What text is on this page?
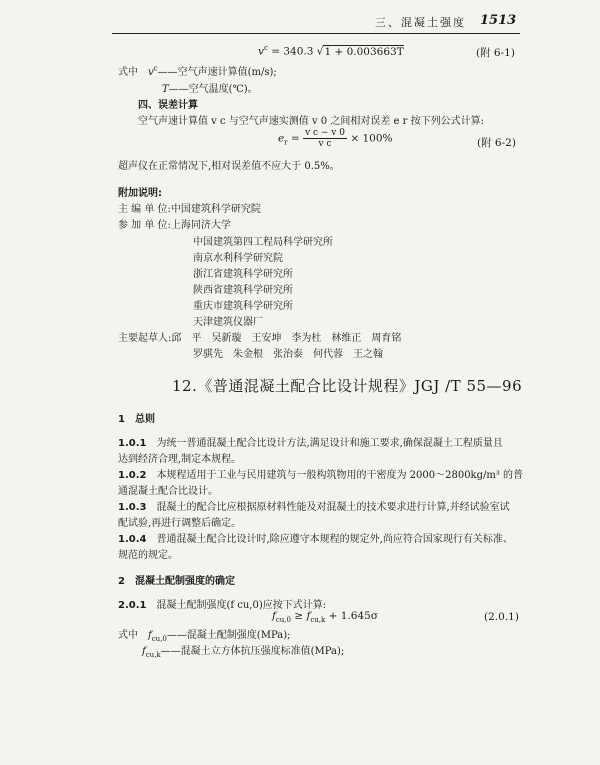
三、混凝土强度 1513
$v^c = 340.3$ √1 + 0.003663T	(附 6-1)
式中　 $v^c——$空气声速计算值(m/s);
T——空气温度(℃)。
四、误差计算
空气声速计算值 v c 与空气声速实测值 v 0 之间相对误差 e r 按下列公式计算:
$e_r = \frac{\text{v c − v 0}}{\text{v c}} \times 100\%$	(附 6-2)
超声仪在正常情况下,相对误差值不应大于 0.5%。
附加说明:
主 编 单 位:中国建筑科学研究院
参 加 单 位:上海同济大学
中国建筑第四工程局科学研究所
南京水利科学研究院
浙江省建筑科学研究所
陕西省建筑科学研究所
重庆市建筑科学研究所
天津建筑仪器厂
主要起草人:邱　平　吴新璇　王安坤　李为杜　林维正　周育铭
罗骐先　朱金根　张治泰　何代蓉　王之翰
12.《普通混凝土配合比设计规程》JGJ /T 55—96
1　总则
1.0.1　 为统一普通混凝土配合比设计方法,满足设计和施工要求,确保混凝土工程质量且
达到经济合理,制定本规程。
1.0.2　 本规程适用于工业与民用建筑与一般构筑物用的干密度为 2000～2800kg/m³ 的普
通混凝土配合比设计。
1.0.3　 混凝土的配合比应根据原材料性能及对混凝土的技术要求进行计算,并经试验室试
配试验,再进行调整后确定。
1.0.4　 普通混凝土配合比设计时,除应遵守本规程的规定外,尚应符合国家现行有关标准、
规范的规定。
2　混凝土配制强度的确定
2.0.1　 混凝土配制强度(f cu,0)应按下式计算:
$f_{cu,0} \ge f_{cu,k} + 1.645\sigma$	(2.0.1)
式中　 $f_{cu,0}——$混凝土配制强度(MPa);
$f_{cu,k}——$混凝土立方体抗压强度标准值(MPa);
